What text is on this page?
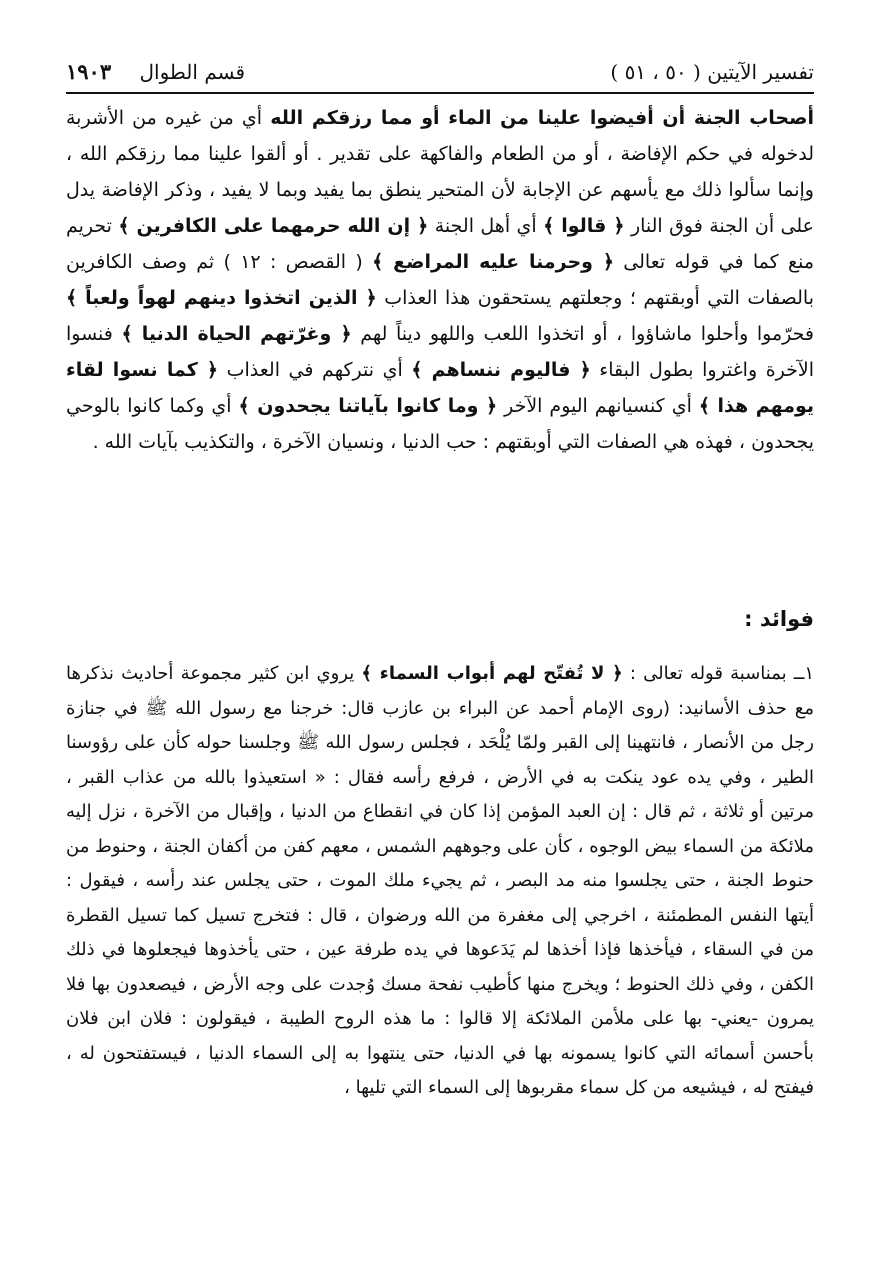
تفسير الآيتين ( ٥٠ ، ٥١ )
قسم الطوال ١٩٠٣

أصحاب الجنة أن أفيضوا علينا من الماء أو مما رزقكم الله أي من غيره من الأشربة لدخوله في حكم الإفاضة ، أو من الطعام والفاكهة على تقدير . أو ألقوا علينا مما رزقكم الله ، وإنما سألوا ذلك مع يأسهم عن الإجابة لأن المتحير ينطق بما يفيد وبما لا يفيد ، وذكر الإفاضة يدل على أن الجنة فوق النار ﴿ قالوا ﴾ أي أهل الجنة ﴿ إن الله حرمهما على الكافرين ﴾ تحريم منع كما في قوله تعالى ﴿ وحرمنا عليه المراضع ﴾ ( القصص : ١٢ ) ثم وصف الكافرين بالصفات التي أوبقتهم ؛ وجعلتهم يستحقون هذا العذاب ﴿ الذين اتخذوا دينهم لهواً ولعباً ﴾ فحرّموا وأحلوا ماشاؤوا ، أو اتخذوا اللعب واللهو ديناً لهم ﴿ وغرّتهم الحياة الدنيا ﴾ فنسوا الآخرة واغتروا بطول البقاء ﴿ فاليوم ننساهم ﴾ أي نتركهم في العذاب ﴿ كما نسوا لقاء يومهم هذا ﴾ أي كنسيانهم اليوم الآخر ﴿ وما كانوا بآياتنا يجحدون ﴾ أي وكما كانوا بالوحي يجحدون ، فهذه هي الصفات التي أوبقتهم : حب الدنيا ، ونسيان الآخرة ، والتكذيب بآيات الله .

فوائد :

١ــ بمناسبة قوله تعالى : ﴿ لا تُفتّح لهم أبواب السماء ﴾ يروي ابن كثير مجموعة أحاديث نذكرها مع حذف الأسانيد: (روى الإمام أحمد عن البراء بن عازب قال: خرجنا مع رسول الله ﷺ في جنازة رجل من الأنصار ، فانتهينا إلى القبر ولمّا يُلْحَد ، فجلس رسول الله ﷺ وجلسنا حوله كأن على رؤوسنا الطير ، وفي يده عود ينكت به في الأرض ، فرفع رأسه فقال : « استعيذوا بالله من عذاب القبر ، مرتين أو ثلاثة ، ثم قال : إن العبد المؤمن إذا كان في انقطاع من الدنيا ، وإقبال من الآخرة ، نزل إليه ملائكة من السماء بيض الوجوه ، كأن على وجوههم الشمس ، معهم كفن من أكفان الجنة ، وحنوط من حنوط الجنة ، حتى يجلسوا منه مد البصر ، ثم يجيء ملك الموت ، حتى يجلس عند رأسه ، فيقول : أيتها النفس المطمئنة ، اخرجي إلى مغفرة من الله ورضوان ، قال : فتخرج تسيل كما تسيل القطرة من في السقاء ، فيأخذها فإذا أخذها لم يَدَعوها في يده طرفة عين ، حتى يأخذوها فيجعلوها في ذلك الكفن ، وفي ذلك الحنوط ؛ ويخرج منها كأطيب نفحة مسك وُجدت على وجه الأرض ، فيصعدون بها فلا يمرون -يعني- بها على ملأمن الملائكة إلا قالوا : ما هذه الروح الطيبة ، فيقولون : فلان ابن فلان بأحسن أسمائه التي كانوا يسمونه بها في الدنيا، حتى ينتهوا به إلى السماء الدنيا ، فيستفتحون له ، فيفتح له ، فيشيعه من كل سماء مقربوها إلى السماء التي تليها ،
